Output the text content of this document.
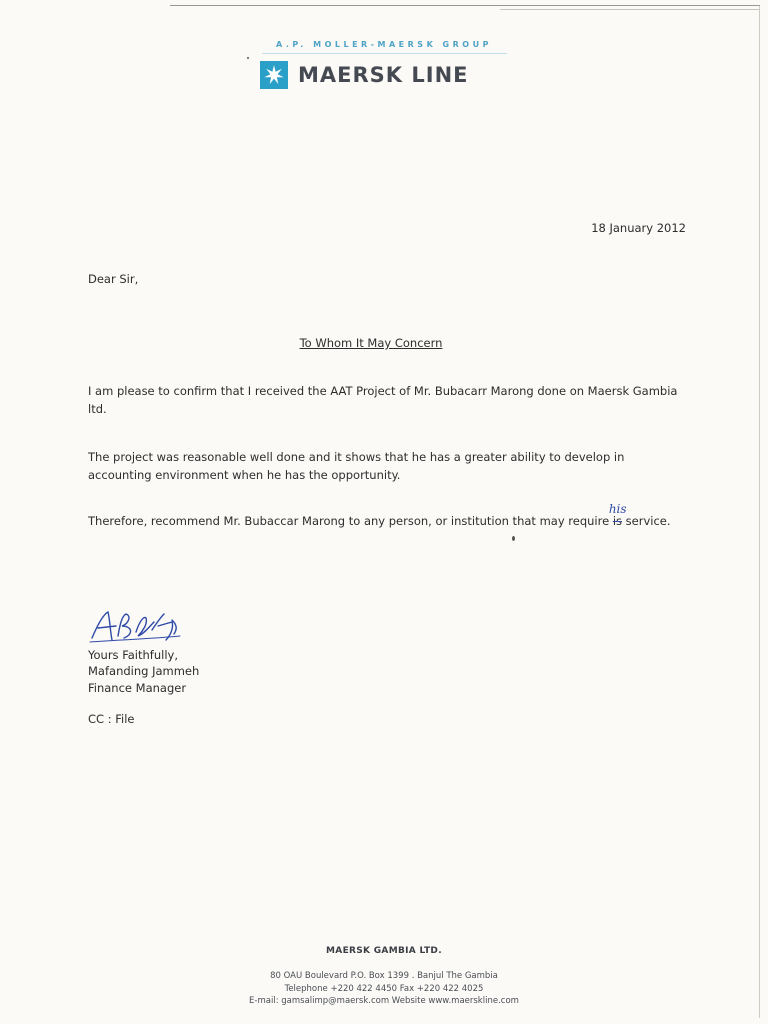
A.P. MOLLER-MAERSK GROUP
MAERSK LINE
18 January 2012
Dear Sir,
To Whom It May Concern
I am please to confirm that I received the AAT Project of Mr. Bubacarr Marong done on Maersk Gambia ltd.
The project was reasonable well done and it shows that he has a greater ability to develop in accounting environment when he has the opportunity.
Therefore, recommend Mr. Bubaccar Marong to any person, or institution that may require
his
is service.
Yours Faithfully,
Mafanding Jammeh
Finance Manager
CC : File
MAERSK GAMBIA LTD.
80 OAU Boulevard P.O. Box 1399 . Banjul The Gambia
Telephone +220 422 4450 Fax +220 422 4025
E-mail: gamsalimp@maersk.com Website www.maerskline.com
